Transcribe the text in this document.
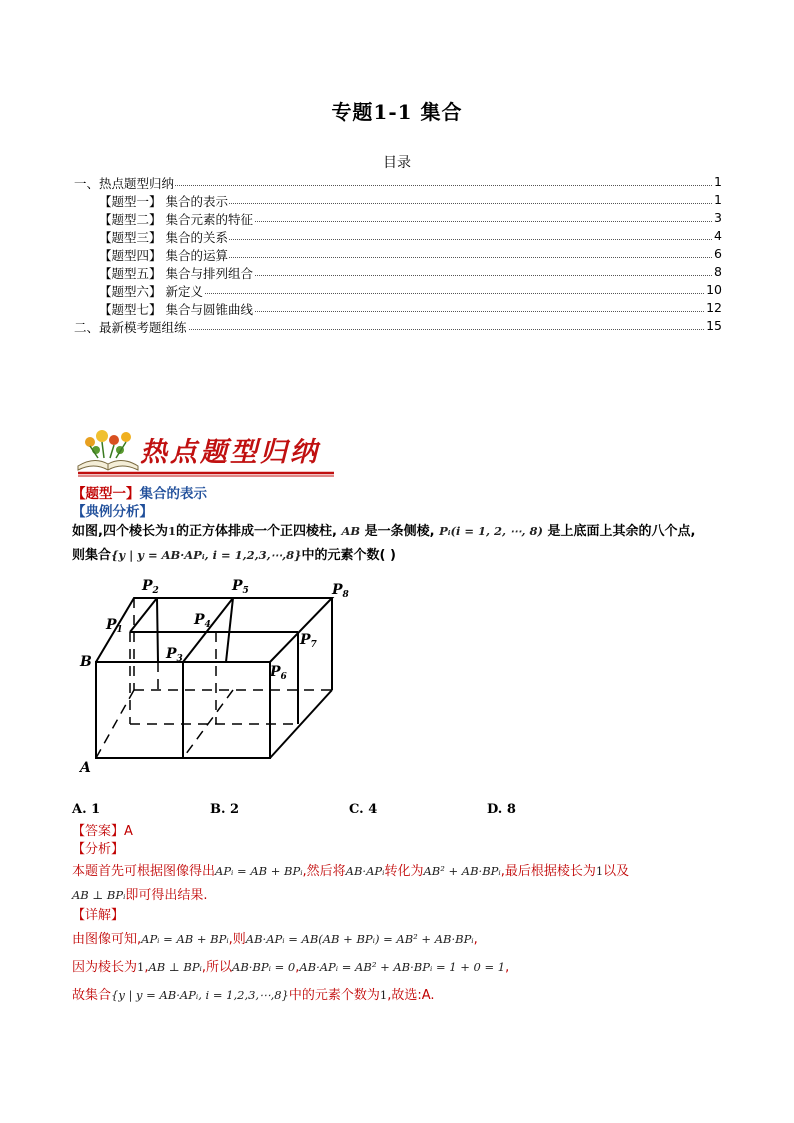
专题1-1 集合
目录
一、热点题型归纳	1
【题型一】 集合的表示	1
【题型二】 集合元素的特征	3
【题型三】 集合的关系	4
【题型四】 集合的运算	6
【题型五】 集合与排列组合	8
【题型六】 新定义	10
【题型七】 集合与圆锥曲线	12
二、最新模考题组练	15
热点题型归纳
【题型一】集合的表示
【典例分析】
如图,四个棱长为1的正方体排成一个正四棱柱, AB 是一条侧棱, Pᵢ(i = 1, 2, ⋯, 8) 是上底面上其余的八个点,
则集合{y | y = AB·APᵢ, i = 1,2,3,⋯,8}中的元素个数( )
$P_2$	$P_5$	$P_8$
$P_1$
$P_4$
$P_7$
$P_3$
$P_6$
B
A
A. 1	B. 2	C. 4	D. 8
【答案】A
【分析】
本题首先可根据图像得出APᵢ = AB + BPᵢ,然后将AB·APᵢ转化为AB² + AB·BPᵢ,最后根据棱长为1以及
AB ⊥ BPᵢ即可得出结果.
【详解】
由图像可知,APᵢ = AB + BPᵢ,则AB·APᵢ = AB(AB + BPᵢ) = AB² + AB·BPᵢ,
因为棱长为1,AB ⊥ BPᵢ,所以AB·BPᵢ = 0,AB·APᵢ = AB² + AB·BPᵢ = 1 + 0 = 1,
故集合{y | y = AB·APᵢ, i = 1,2,3,⋯,8}中的元素个数为1,故选:A.
